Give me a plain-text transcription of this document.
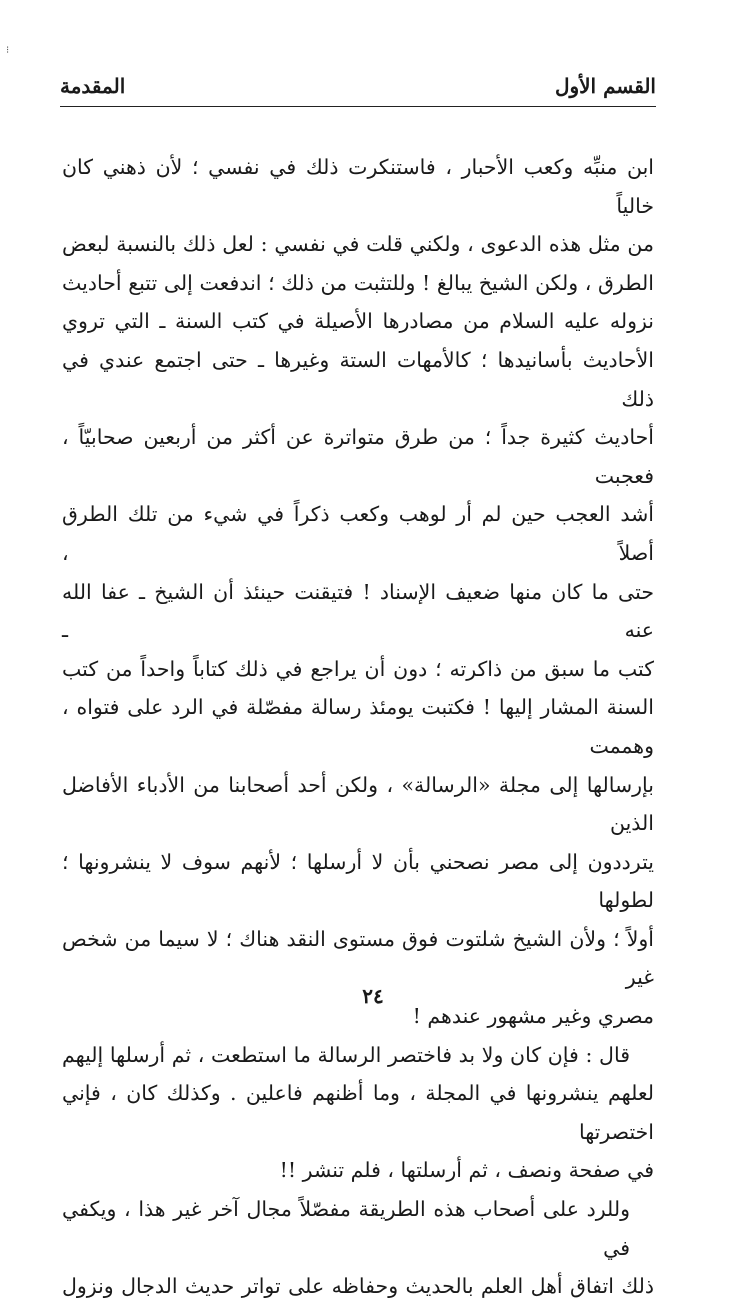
⁝
القسم الأول
المقدمة
ابن منبِّه وكعب الأحبار ، فاستنكرت ذلك في نفسي ؛ لأن ذهني كان خالياً
من مثل هذه الدعوى ، ولكني قلت في نفسي : لعل ذلك بالنسبة لبعض
الطرق ، ولكن الشيخ يبالغ ! وللتثبت من ذلك ؛ اندفعت إلى تتبع أحاديث
نزوله عليه السلام من مصادرها الأصيلة في كتب السنة ـ التي تروي
الأحاديث بأسانيدها ؛ كالأمهات الستة وغيرها ـ حتى اجتمع عندي في ذلك
أحاديث كثيرة جداً ؛ من طرق متواترة عن أكثر من أربعين صحابيّاً ، فعجبت
أشد العجب حين لم أر لوهب وكعب ذكراً في شيء من تلك الطرق أصلاً ،
حتى ما كان منها ضعيف الإسناد ! فتيقنت حينئذ أن الشيخ ـ عفا الله عنه ـ
كتب ما سبق من ذاكرته ؛ دون أن يراجع في ذلك كتاباً واحداً من كتب
السنة المشار إليها ! فكتبت يومئذ رسالة مفصّلة في الرد على فتواه ، وهممت
بإرسالها إلى مجلة «الرسالة» ، ولكن أحد أصحابنا من الأدباء الأفاضل الذين
يترددون إلى مصر نصحني بأن لا أرسلها ؛ لأنهم سوف لا ينشرونها ؛ لطولها
أولاً ؛ ولأن الشيخ شلتوت فوق مستوى النقد هناك ؛ لا سيما من شخص غير
مصري وغير مشهور عندهم !
قال : فإن كان ولا بد فاختصر الرسالة ما استطعت ، ثم أرسلها إليهم
لعلهم ينشرونها في المجلة ، وما أظنهم فاعلين . وكذلك كان ، فإني اختصرتها
في صفحة ونصف ، ثم أرسلتها ، فلم تنشر !!
وللرد على أصحاب هذه الطريقة مفصّلاً مجال آخر غير هذا ، ويكفي في
ذلك اتفاق أهل العلم بالحديث وحفاظه على تواتر حديث الدجال ونزول
٢٤
